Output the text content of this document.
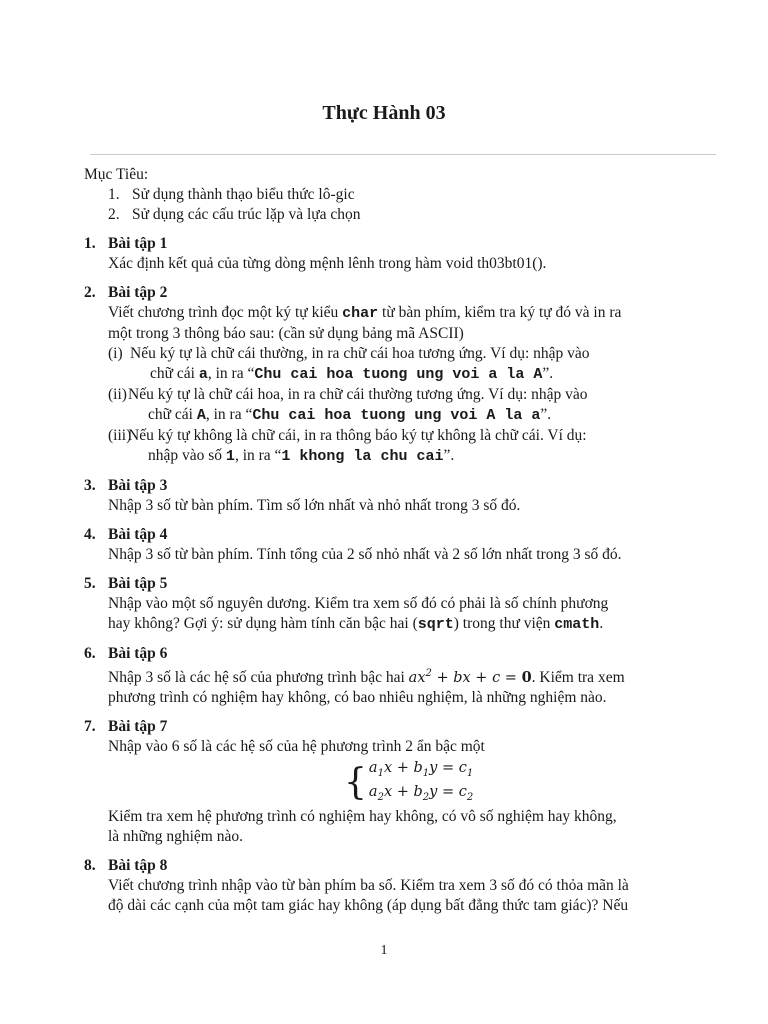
Thực Hành 03
Mục Tiêu:
1. Sử dụng thành thạo biểu thức lô-gic
2. Sử dụng các cấu trúc lặp và lựa chọn
1. Bài tập 1
Xác định kết quả của từng dòng mệnh lênh trong hàm void th03bt01().
2. Bài tập 2
Viết chương trình đọc một ký tự kiểu char từ bàn phím, kiểm tra ký tự đó và in ra
một trong 3 thông báo sau: (cần sử dụng bảng mã ASCII)
(i) Nếu ký tự là chữ cái thường, in ra chữ cái hoa tương ứng. Ví dụ: nhập vào
chữ cái a, in ra “Chu cai hoa tuong ung voi a la A”.
(ii) Nếu ký tự là chữ cái hoa, in ra chữ cái thường tương ứng. Ví dụ: nhập vào
chữ cái A, in ra “Chu cai hoa tuong ung voi A la a”.
(iii)
Nếu ký tự không là chữ cái, in ra thông báo ký tự không là chữ cái. Ví dụ:
nhập vào số 1, in ra “1 khong la chu cai”.
3. Bài tập 3
Nhập 3 số từ bàn phím. Tìm số lớn nhất và nhỏ nhất trong 3 số đó.
4. Bài tập 4
Nhập 3 số từ bàn phím. Tính tổng của 2 số nhỏ nhất và 2 số lớn nhất trong 3 số đó.
5. Bài tập 5
Nhập vào một số nguyên dương. Kiểm tra xem số đó có phải là số chính phương
hay không? Gợi ý: sử dụng hàm tính căn bậc hai (sqrt) trong thư viện cmath.
6. Bài tập 6
Nhập 3 số là các hệ số của phương trình bậc hai $ax^2$ + bx + c = 0. Kiểm tra xem
phương trình có nghiệm hay không, có bao nhiêu nghiệm, là những nghiệm nào.
7. Bài tập 7
Nhập vào 6 số là các hệ số của hệ phương trình 2 ẩn bậc một
{ $a_1x + b_1y = c_1$
$a_2x + b_2y = c_2$
Kiểm tra xem hệ phương trình có nghiệm hay không, có vô số nghiệm hay không,
là những nghiệm nào.
8. Bài tập 8
Viết chương trình nhập vào từ bàn phím ba số. Kiểm tra xem 3 số đó có thỏa mãn là
độ dài các cạnh của một tam giác hay không (áp dụng bất đẳng thức tam giác)? Nếu
1
